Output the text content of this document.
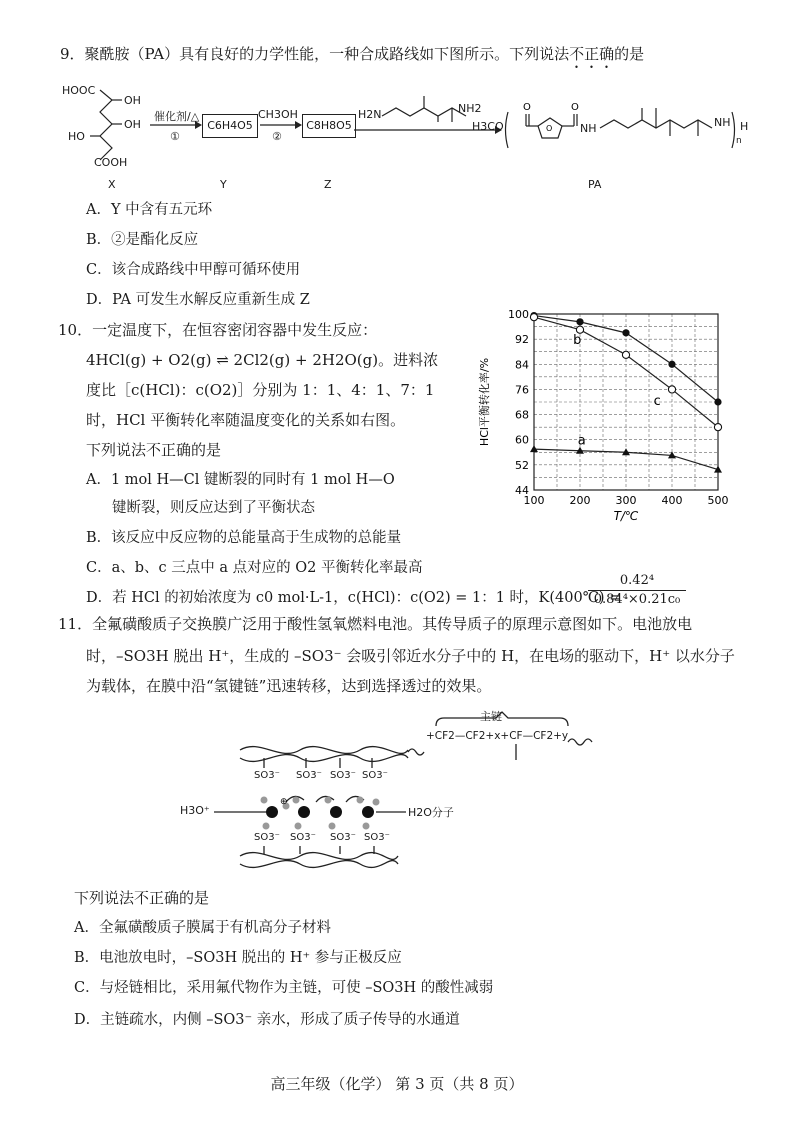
9．聚酰胺（PA）具有良好的力学性能，一种合成路线如下图所示。下列说法不正确的是
O	O
O
HOOC
OH
OH
HO
COOH
催化剂/△
①
C6H4O5
CH3OH
②
C8H8O5
H2N	NH2
H3CO	NH	NH H
n
X	Y	Z	PA
A．Y 中含有五元环
B．②是酯化反应
C．该合成路线中甲醇可循环使用
D．PA 可发生水解反应重新生成 Z
10．一定温度下，在恒容密闭容器中发生反应：
4HCl(g) + O2(g) ⇌ 2Cl2(g) + 2H2O(g)。进料浓
度比［c(HCl)：c(O2)］分别为 1：1、4：1、7：1
时，HCl 平衡转化率随温度变化的关系如右图。
下列说法不正确的是
A．1 mol H—Cl 键断裂的同时有 1 mol H—O
键断裂，则反应达到了平衡状态
B．该反应中反应物的总能量高于生成物的总能量
C．a、b、c 三点中 a 点对应的 O2 平衡转化率最高
D．若 HCl 的初始浓度为 c0 mol·L-1，c(HCl)：c(O2) = 1：1 时，K(400℃) =
$\frac{\text{0.42⁴}}{\text{0.84⁴×0.21c₀}}$
100 200 300 400 500
44
52
60
68
76
84
92
100
T/℃
HCl平衡转化率/%	a
b
c
11．全氟磺酸质子交换膜广泛用于酸性氢氧燃料电池。其传导质子的原理示意图如下。电池放电
时，–SO3H 脱出 H⁺，生成的 –SO3⁻ 会吸引邻近水分子中的 H，在电场的驱动下，H⁺ 以水分子
为载体，在膜中沿“氢键链”迅速转移，达到选择透过的效果。
⊕
主链
+CF2—CF2+x+CF—CF2+y
SO3⁻ SO3⁻ SO3⁻ SO3⁻
SO3⁻ SO3⁻ SO3⁻ SO3⁻
H3O⁺	H2O分子
下列说法不正确的是
A．全氟磺酸质子膜属于有机高分子材料
B．电池放电时，–SO3H 脱出的 H⁺ 参与正极反应
C．与烃链相比，采用氟代物作为主链，可使 –SO3H 的酸性减弱
D．主链疏水，内侧 –SO3⁻ 亲水，形成了质子传导的水通道
高三年级（化学） 第 3 页（共 8 页）
